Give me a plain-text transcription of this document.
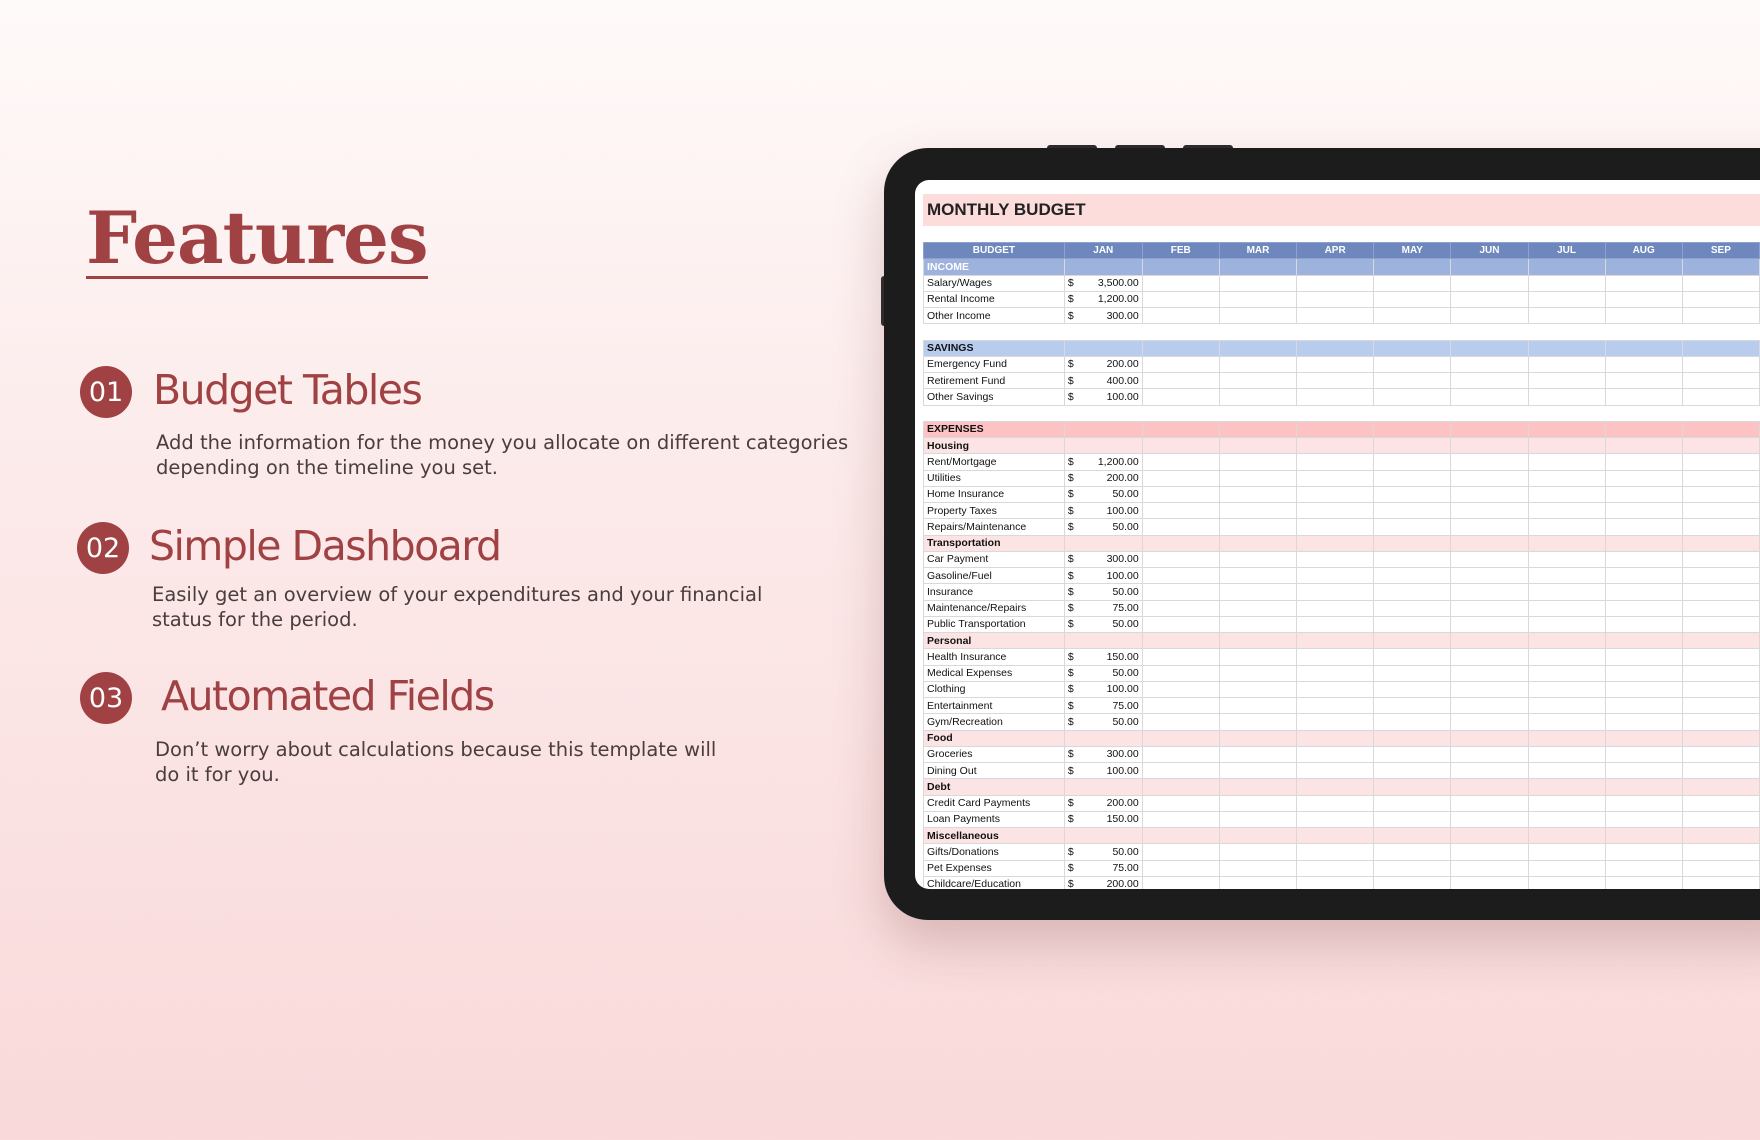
Features
01 Budget Tables
Add the information for the money you allocate on different categories
depending on the timeline you set.
02 Simple Dashboard
Easily get an overview of your expenditures and your financial
status for the period.
03 Automated Fields
Don’t worry about calculations because this template will
do it for you.
MONTHLY BUDGET
BUDGET	JAN	FEB	MAR	APR	MAY	JUN	JUL	AUG	SEP
INCOME									
Salary/Wages	$ 3,500.00								
Rental Income	$ 1,200.00								
Other Income	$ 300.00								

SAVINGS									
Emergency Fund	$ 200.00								
Retirement Fund	$ 400.00								
Other Savings	$ 100.00								

EXPENSES									
Housing									
Rent/Mortgage	$ 1,200.00								
Utilities	$ 200.00								
Home Insurance	$ 50.00								
Property Taxes	$ 100.00								
Repairs/Maintenance	$ 50.00								
Transportation									
Car Payment	$ 300.00								
Gasoline/Fuel	$ 100.00								
Insurance	$ 50.00								
Maintenance/Repairs	$ 75.00								
Public Transportation	$ 50.00								
Personal									
Health Insurance	$ 150.00								
Medical Expenses	$ 50.00								
Clothing	$ 100.00								
Entertainment	$ 75.00								
Gym/Recreation	$ 50.00								
Food									
Groceries	$ 300.00								
Dining Out	$ 100.00								
Debt									
Credit Card Payments	$ 200.00								
Loan Payments	$ 150.00								
Miscellaneous									
Gifts/Donations	$ 50.00								
Pet Expenses	$ 75.00								
Childcare/Education	$ 200.00								
